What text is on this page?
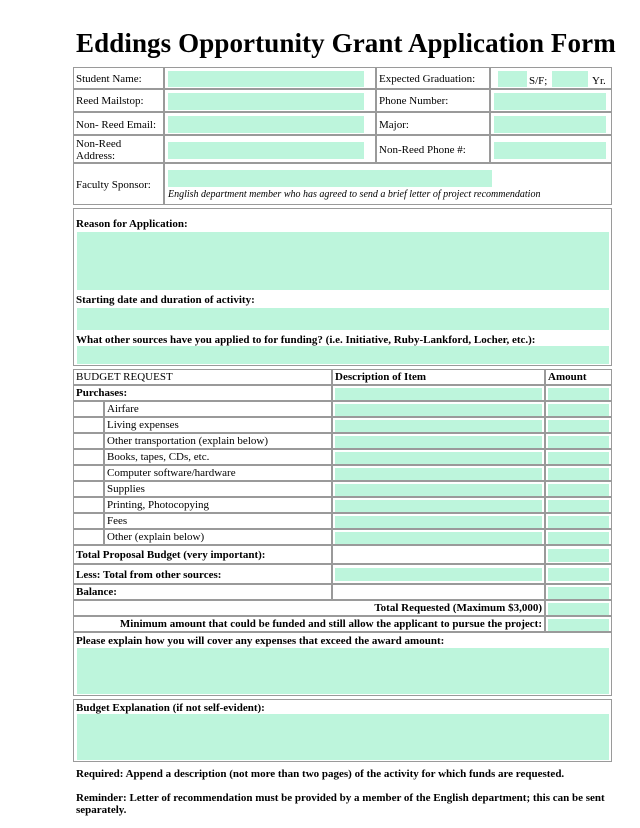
Eddings Opportunity Grant Application Form
Student Name:	Expected Graduation:	S/F;	Yr.
Reed Mailstop:	Phone Number:
Non- Reed Email:	Major:
Non-Reed Address:	Non-Reed Phone #:
Faculty Sponsor:
English department member who has agreed to send a brief letter of project recommendation
Reason for Application:
Starting date and duration of activity:
What other sources have you applied to for funding? (i.e. Initiative, Ruby-Lankford, Locher, etc.):
BUDGET REQUEST	Description of Item	Amount
Purchases:
Airfare
Living expenses
Other transportation (explain below)
Books, tapes, CDs, etc.
Computer software/hardware
Supplies
Printing, Photocopying
Fees
Other (explain below)
Total Proposal Budget (very important):
Less: Total from other sources:
Balance:
Total Requested (Maximum $3,000)
Minimum amount that could be funded and still allow the applicant to pursue the project:
Please explain how you will cover any expenses that exceed the award amount:
Budget Explanation (if not self-evident):
Required: Append a description (not more than two pages) of the activity for which funds are requested.
Reminder: Letter of recommendation must be provided by a member of the English department; this can be sent separately.
